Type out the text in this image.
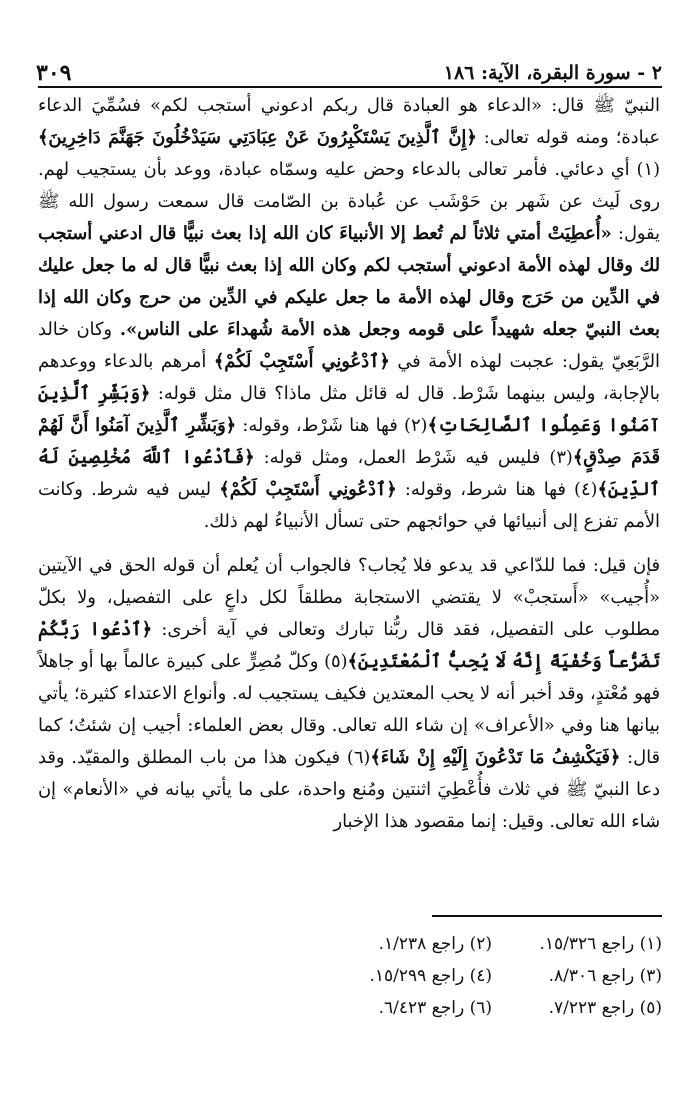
٢ - سورة البقرة، الآية: ١٨٦
٣٠٩

النبيّ ﷺ قال: «الدعاء هو العبادة قال ربكم ادعوني أستجب لكم» فسُمِّيَ الدعاء عبادة؛ ومنه قوله تعالى: ﴿إِنَّ ٱلَّذِينَ يَسْتَكْبِرُونَ عَنْ عِبَادَتِي سَيَدْخُلُونَ جَهَنَّمَ دَاخِرِينَ﴾(١) أي دعائي. فأمر تعالى بالدعاء وحض عليه وسمّاه عبادة، ووعد بأن يستجيب لهم. روى لَيث عن شَهر بن حَوْشَب عن عُبادة بن الصّامت قال سمعت رسول الله ﷺ يقول: «أُعطِيَتْ أمتي ثلاثاً لم تُعط إلا الأنبياءَ كان الله إذا بعث نبيًّا قال ادعني أستجب لك وقال لهذه الأمة ادعوني أستجب لكم وكان الله إذا بعث نبيًّا قال له ما جعل عليك في الدِّين من حَرَج وقال لهذه الأمة ما جعل عليكم في الدِّين من حرج وكان الله إذا بعث النبيّ جعله شهيداً على قومه وجعل هذه الأمة شُهداءَ على الناس». وكان خالد الرَّبَعِيّ يقول: عجبت لهذه الأمة في ﴿ٱدْعُونِي أَسْتَجِبْ لَكُمْ﴾ أمرهم بالدعاء ووعدهم بالإجابة، وليس بينهما شَرْط. قال له قائل مثل ماذا؟ قال مثل قوله: ﴿وَبَشِّرِ ٱلَّذِينَ آمَنُوا وَعَمِلُوا ٱلصَّالِحَاتِ﴾(٢) فها هنا شَرْط، وقوله: ﴿وَبَشِّرِ ٱلَّذِينَ آمَنُوا أَنَّ لَهُمْ قَدَمَ صِدْقٍ﴾(٣) فليس فيه شَرْط العمل، ومثل قوله: ﴿فَٱدْعُوا ٱللَّهَ مُخْلِصِينَ لَهُ ٱلدِّينَ﴾(٤) فها هنا شرط، وقوله: ﴿ٱدْعُونِي أَسْتَجِبْ لَكُمْ﴾ ليس فيه شرط. وكانت الأمم تفزع إلى أنبيائها في حوائجهم حتى تسأل الأنبياءُ لهم ذلك.

فإن قيل: فما للدّاعي قد يدعو فلا يُجاب؟ فالجواب أن يُعلم أن قوله الحق في الآيتين «أُجيب» «أَستجبْ» لا يقتضي الاستجابة مطلقاً لكل داعٍ على التفصيل، ولا بكلّ مطلوب على التفصيل، فقد قال ربُّنا تبارك وتعالى في آية أخرى: ﴿ٱدْعُوا رَبَّكُمْ تَضَرُّعاً وَخُفْيَةً إِنَّهُ لَا يُحِبُّ ٱلْمُعْتَدِينَ﴾(٥) وكلّ مُصِرٍّ على كبيرة عالماً بها أو جاهلاً فهو مُعْتدٍ، وقد أخبر أنه لا يحب المعتدين فكيف يستجيب له. وأنواع الاعتداء كثيرة؛ يأتي بيانها هنا وفي «الأعراف» إن شاء الله تعالى. وقال بعض العلماء: أجيب إن شئتُ؛ كما قال: ﴿فَيَكْشِفُ مَا تَدْعُونَ إِلَيْهِ إِنْ شَاءَ﴾(٦) فيكون هذا من باب المطلق والمقيّد. وقد دعا النبيّ ﷺ في ثلاث فأُعْطِيَ اثنتين ومُنع واحدة، على ما يأتي بيانه في «الأنعام» إن شاء الله تعالى. وقيل: إنما مقصود هذا الإخبار

(١) راجع ١٥/٣٢٦.
(٢) راجع ١/٢٣٨.
(٣) راجع ٨/٣٠٦.
(٤) راجع ١٥/٢٩٩.
(٥) راجع ٧/٢٢٣.
(٦) راجع ٦/٤٢٣.
